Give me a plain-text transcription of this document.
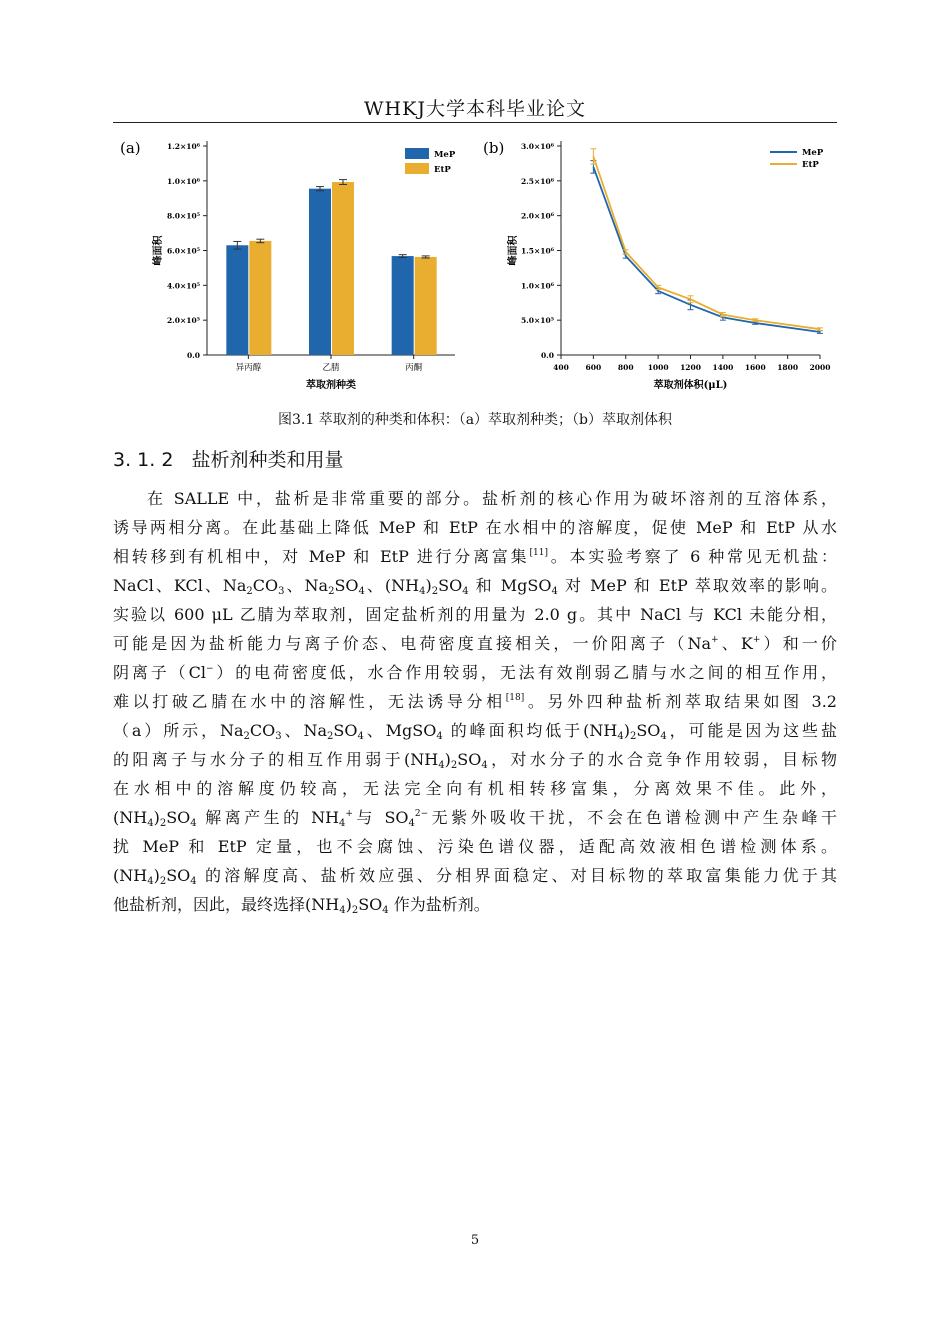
WHKJ大学本科毕业论文
(a)	(b)
0.0
2.0×10⁵
4.0×10⁵
6.0×10⁵
8.0×10⁵
1.0×10⁶
1.2×10⁶
异丙醇	乙腈	丙酮
萃取剂种类
峰面积
MeP
EtP
0.0
5.0×10⁵
1.0×10⁶
1.5×10⁶
2.0×10⁶
2.5×10⁶
3.0×10⁶
400 600 800 1000 1200 1400 1600 1800 2000
萃取剂体积(μL)
峰面积
MeP
EtP
图3.1 萃取剂的种类和体积：（a）萃取剂种类；（b）萃取剂体积
3. 1. 2 盐析剂种类和用量
在 SALLE 中，盐析是非常重要的部分。盐析剂的核心作用为破坏溶剂的互溶体系，
诱导两相分离。在此基础上降低 MeP 和 EtP 在水相中的溶解度，促使 MeP 和 EtP 从水
相转移到有机相中，对 MeP 和 EtP 进行分离富集[11]。本实验考察了 6 种常见无机盐：
NaCl、KCl、$Na_2CO_3$、$Na_2SO_4$、$(NH_4)_2SO_4$ 和 MgSO$_4$ 对 MeP 和 EtP 萃取效率的影响。
实验以 600 μL 乙腈为萃取剂，固定盐析剂的用量为 2.0 g。其中 NaCl 与 KCl 未能分相，
可能是因为盐析能力与离子价态、电荷密度直接相关，一价阳离子（Na+、K+）和一价
阴离子（Cl−）的电荷密度低，水合作用较弱，无法有效削弱乙腈与水之间的相互作用，
难以打破乙腈在水中的溶解性，无法诱导分相[18]。另外四种盐析剂萃取结果如图 3.2
（a）所示，$Na_2CO_3$、$Na_2SO_4$、MgSO$_4$ 的峰面积均低于$(NH_4)_2SO_4$，可能是因为这些盐
的阳离子与水分子的相互作用弱于$(NH_4)_2SO_4$，对水分子的水合竞争作用较弱，目标物
在水相中的溶解度仍较高，无法完全向有机相转移富集，分离效果不佳。此外，
$(NH_4)_2SO_4$ 解离产生的 $NH_4^+$与 $SO_4^{2-}$无紫外吸收干扰，不会在色谱检测中产生杂峰干
扰 MeP 和 EtP 定量，也不会腐蚀、污染色谱仪器，适配高效液相色谱检测体系。
$(NH_4)_2SO_4$ 的溶解度高、盐析效应强、分相界面稳定、对目标物的萃取富集能力优于其
他盐析剂，因此，最终选择$(NH_4)_2SO_4$ 作为盐析剂。
5
